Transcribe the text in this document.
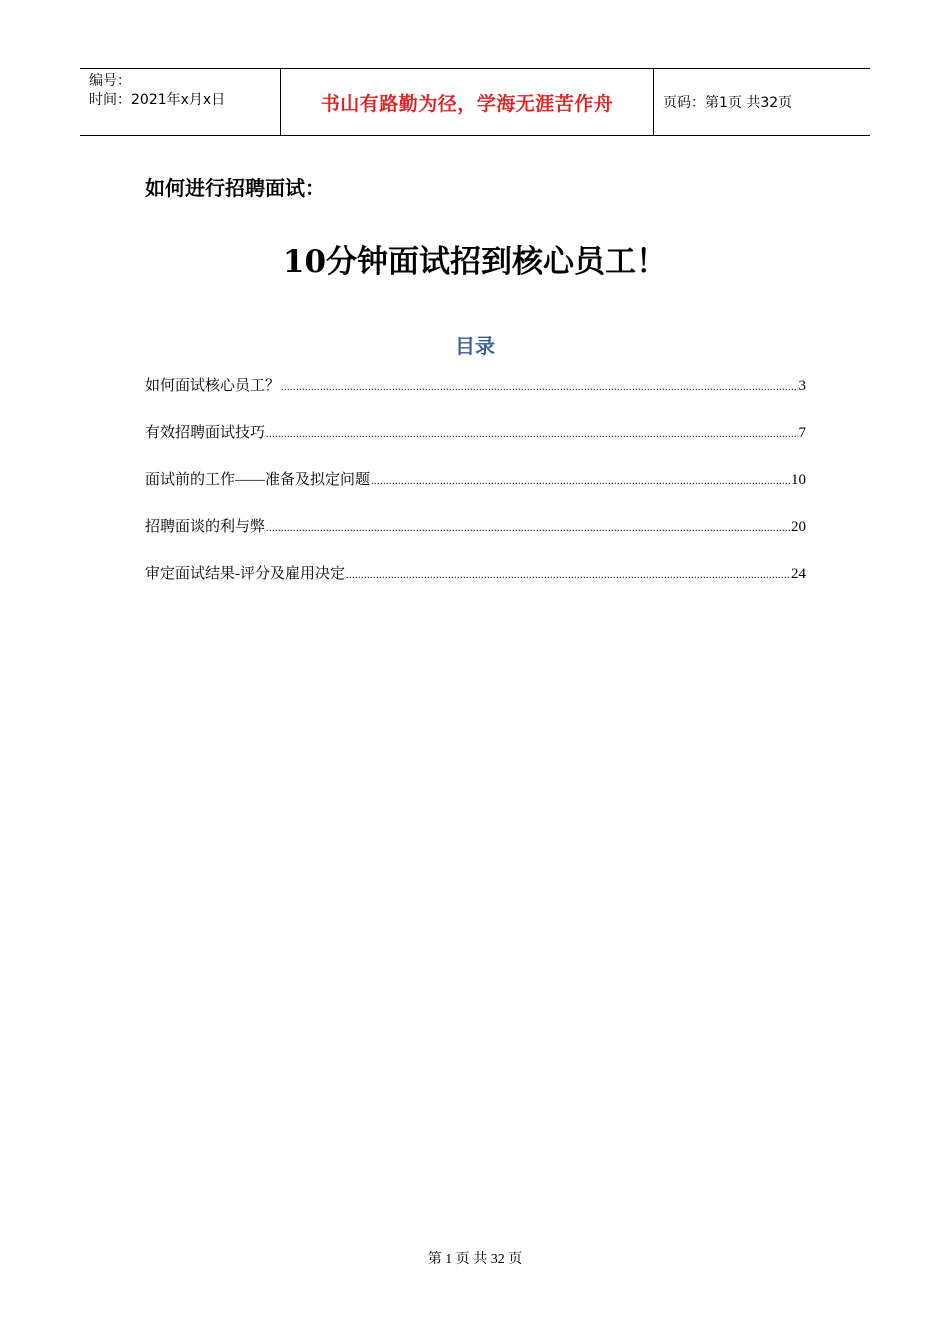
编号：
时间：2021年x月x日	书山有路勤为径，学海无涯苦作舟	页码：第1页 共32页
如何进行招聘面试：
10分钟面试招到核心员工！
目录
如何面试核心员工？ .....	3
有效招聘面试技巧 .....	7
面试前的工作——准备及拟定问题 .....	10
招聘面谈的利与弊 .....	20
审定面试结果-评分及雇用决定 .....	24
第 1 页 共 32 页
